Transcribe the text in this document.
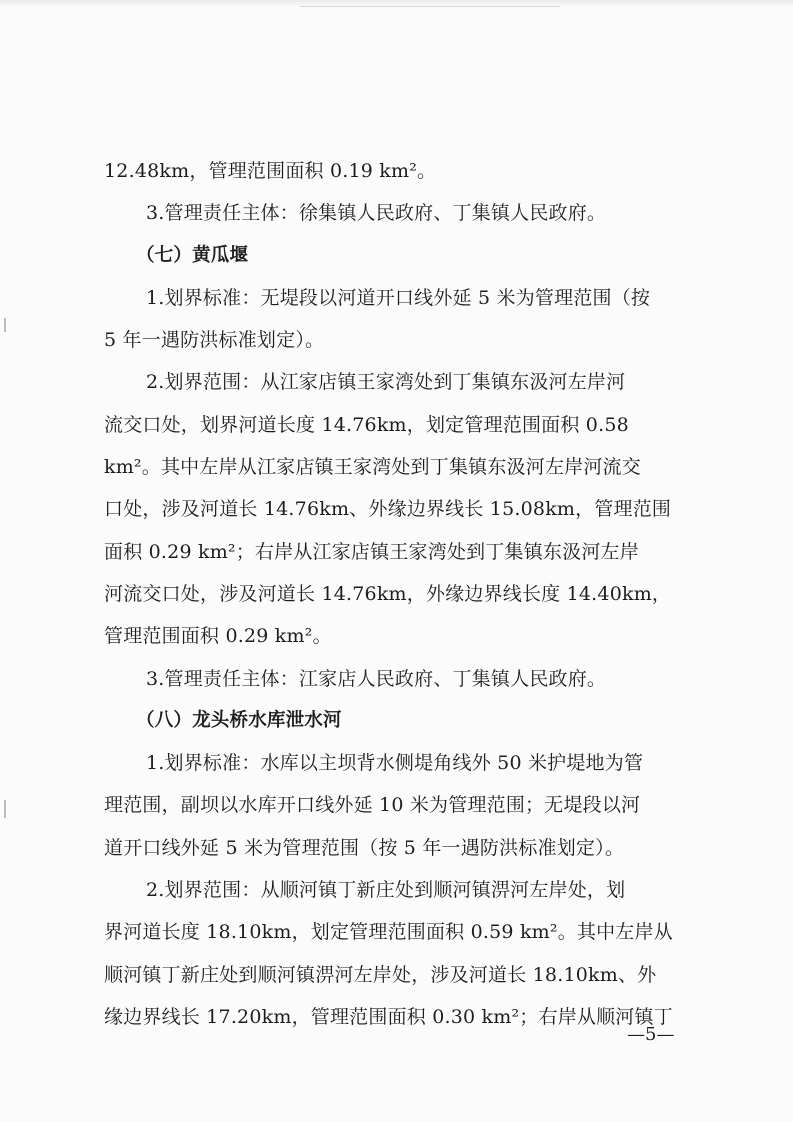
12.48km，管理范围面积 0.19 km²。
3.管理责任主体：徐集镇人民政府、丁集镇人民政府。
（七）黄瓜堰
1.划界标准：无堤段以河道开口线外延 5 米为管理范围（按
5 年一遇防洪标准划定）。
2.划界范围：从江家店镇王家湾处到丁集镇东汲河左岸河
流交口处，划界河道长度 14.76km，划定管理范围面积 0.58
km²。其中左岸从江家店镇王家湾处到丁集镇东汲河左岸河流交
口处，涉及河道长 14.76km、外缘边界线长 15.08km，管理范围
面积 0.29 km²；右岸从江家店镇王家湾处到丁集镇东汲河左岸
河流交口处，涉及河道长 14.76km，外缘边界线长度 14.40km，
管理范围面积 0.29 km²。
3.管理责任主体：江家店人民政府、丁集镇人民政府。
（八）龙头桥水库泄水河
1.划界标准：水库以主坝背水侧堤角线外 50 米护堤地为管
理范围，副坝以水库开口线外延 10 米为管理范围；无堤段以河
道开口线外延 5 米为管理范围（按 5 年一遇防洪标准划定）。
2.划界范围：从顺河镇丁新庄处到顺河镇淠河左岸处，划
界河道长度 18.10km，划定管理范围面积 0.59 km²。其中左岸从
顺河镇丁新庄处到顺河镇淠河左岸处，涉及河道长 18.10km、外
缘边界线长 17.20km，管理范围面积 0.30 km²；右岸从顺河镇丁
—5—
